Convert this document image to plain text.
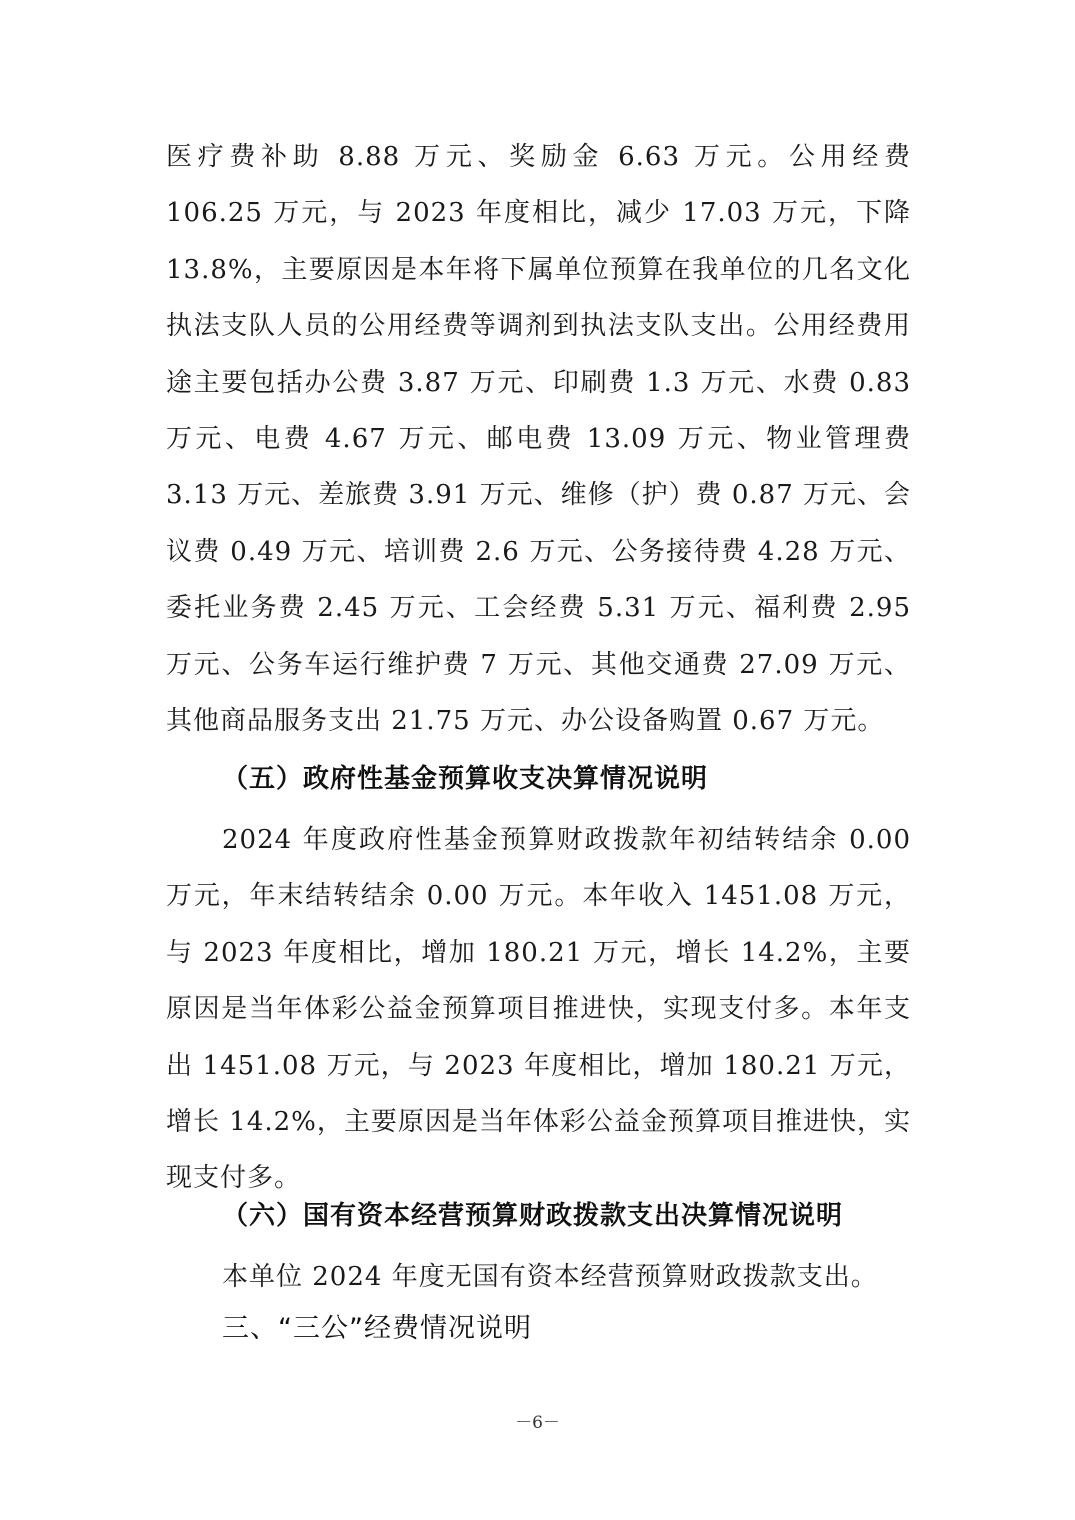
医疗费补助 8.88 万元、奖励金 6.63 万元。公用经费 106.25 万元，与 2023 年度相比，减少 17.03 万元，下降 13.8%，主要原因是本年将下属单位预算在我单位的几名文化执法支队人员的公用经费等调剂到执法支队支出。公用经费用途主要包括办公费 3.87 万元、印刷费 1.3 万元、水费 0.83 万元、电费 4.67 万元、邮电费 13.09 万元、物业管理费 3.13 万元、差旅费 3.91 万元、维修（护）费 0.87 万元、会议费 0.49 万元、培训费 2.6 万元、公务接待费 4.28 万元、委托业务费 2.45 万元、工会经费 5.31 万元、福利费 2.95 万元、公务车运行维护费 7 万元、其他交通费 27.09 万元、其他商品服务支出 21.75 万元、办公设备购置 0.67 万元。

（五）政府性基金预算收支决算情况说明

2024 年度政府性基金预算财政拨款年初结转结余 0.00 万元，年末结转结余 0.00 万元。本年收入 1451.08 万元，与 2023 年度相比，增加 180.21 万元，增长 14.2%，主要原因是当年体彩公益金预算项目推进快，实现支付多。本年支出 1451.08 万元，与 2023 年度相比，增加 180.21 万元，增长 14.2%，主要原因是当年体彩公益金预算项目推进快，实现支付多。

（六）国有资本经营预算财政拨款支出决算情况说明

本单位 2024 年度无国有资本经营预算财政拨款支出。

三、“三公”经费情况说明
－6－
